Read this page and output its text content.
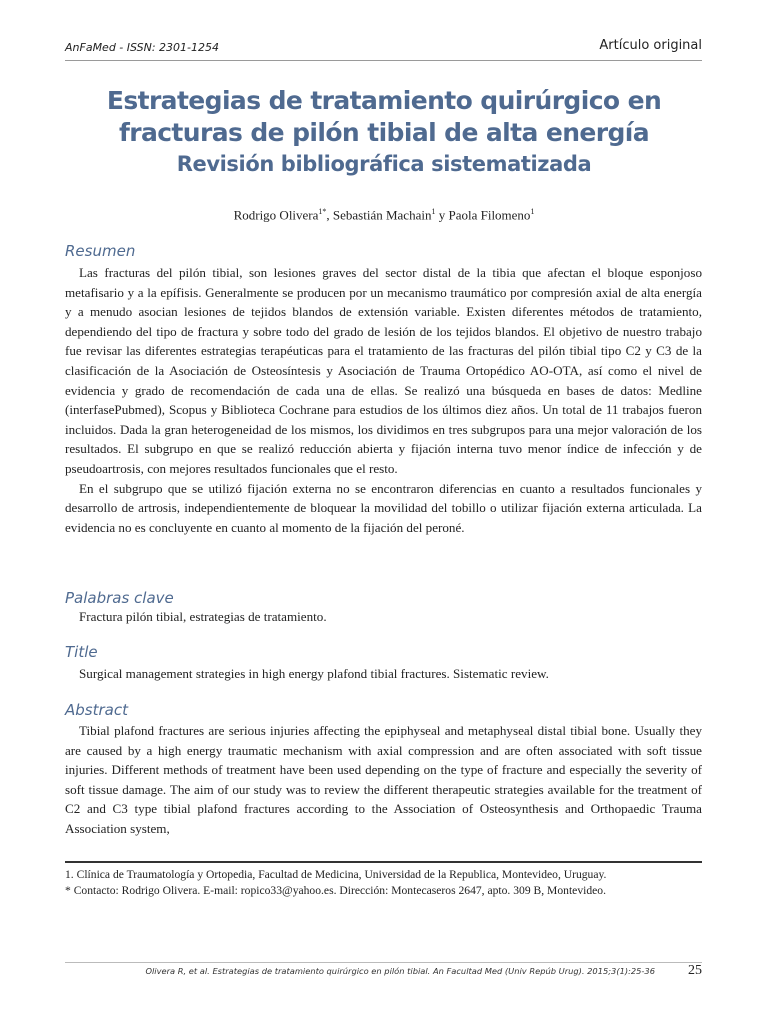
AnFaMed - ISSN: 2301-1254	Artículo original
Estrategias de tratamiento quirúrgico en
fracturas de pilón tibial de alta energía
Revisión bibliográfica sistematizada
Rodrigo Olivera$^{1*}$, Sebastián Machain$^1$ y Paola Filomeno$^1$
Resumen

Las fracturas del pilón tibial, son lesiones graves del sector distal de la tibia que afectan el bloque esponjoso metafisario y a la epífisis. Generalmente se producen por un mecanismo traumático por compresión axial de alta energía y a menudo asocian lesiones de tejidos blandos de extensión variable. Existen diferentes métodos de tratamiento, dependiendo del tipo de fractura y sobre todo del grado de lesión de los tejidos blandos. El objetivo de nuestro trabajo fue revisar las diferentes estrategias terapéuticas para el tratamiento de las fracturas del pilón tibial tipo C2 y C3 de la clasificación de la Asociación de Osteosíntesis y Asociación de Trauma Ortopédico AO-OTA, así como el nivel de evidencia y grado de recomendación de cada una de ellas. Se realizó una búsqueda en bases de datos: Medline (interfasePubmed), Scopus y Biblioteca Cochrane para estudios de los últimos diez años. Un total de 11 trabajos fueron incluidos. Dada la gran heterogeneidad de los mismos, los dividimos en tres subgrupos para una mejor valoración de los resultados. El subgrupo en que se realizó reducción abierta y fijación interna tuvo menor índice de infección y de pseudoartrosis, con mejores resultados funcionales que el resto.

En el subgrupo que se utilizó fijación externa no se encontraron diferencias en cuanto a resultados funcionales y desarrollo de artrosis, independientemente de bloquear la movilidad del tobillo o utilizar fijación externa articulada. La evidencia no es concluyente en cuanto al momento de la fijación del peroné.

Palabras clave

Fractura pilón tibial, estrategias de tratamiento.

Title

Surgical management strategies in high energy plafond tibial fractures. Sistematic review.

Abstract

Tibial plafond fractures are serious injuries affecting the epiphyseal and metaphyseal distal tibial bone. Usually they are caused by a high energy traumatic mechanism with axial compression and are often associated with soft tissue injuries. Different methods of treatment have been used depending on the type of fracture and especially the severity of soft tissue damage. The aim of our study was to review the different therapeutic strategies available for the treatment of C2 and C3 type tibial plafond fractures according to the Association of Osteosynthesis and Orthopaedic Trauma Association system,

1. Clínica de Traumatología y Ortopedia, Facultad de Medicina, Universidad de la Republica, Montevideo, Uruguay.

* Contacto: Rodrigo Olivera. E-mail: ropico33@yahoo.es. Dirección: Montecaseros 2647, apto. 309 B, Montevideo.

Olivera R, et al. Estrategias de tratamiento quirúrgico en pilón tibial. An Facultad Med (Univ Repúb Urug). 2015;3(1):25-36 25
